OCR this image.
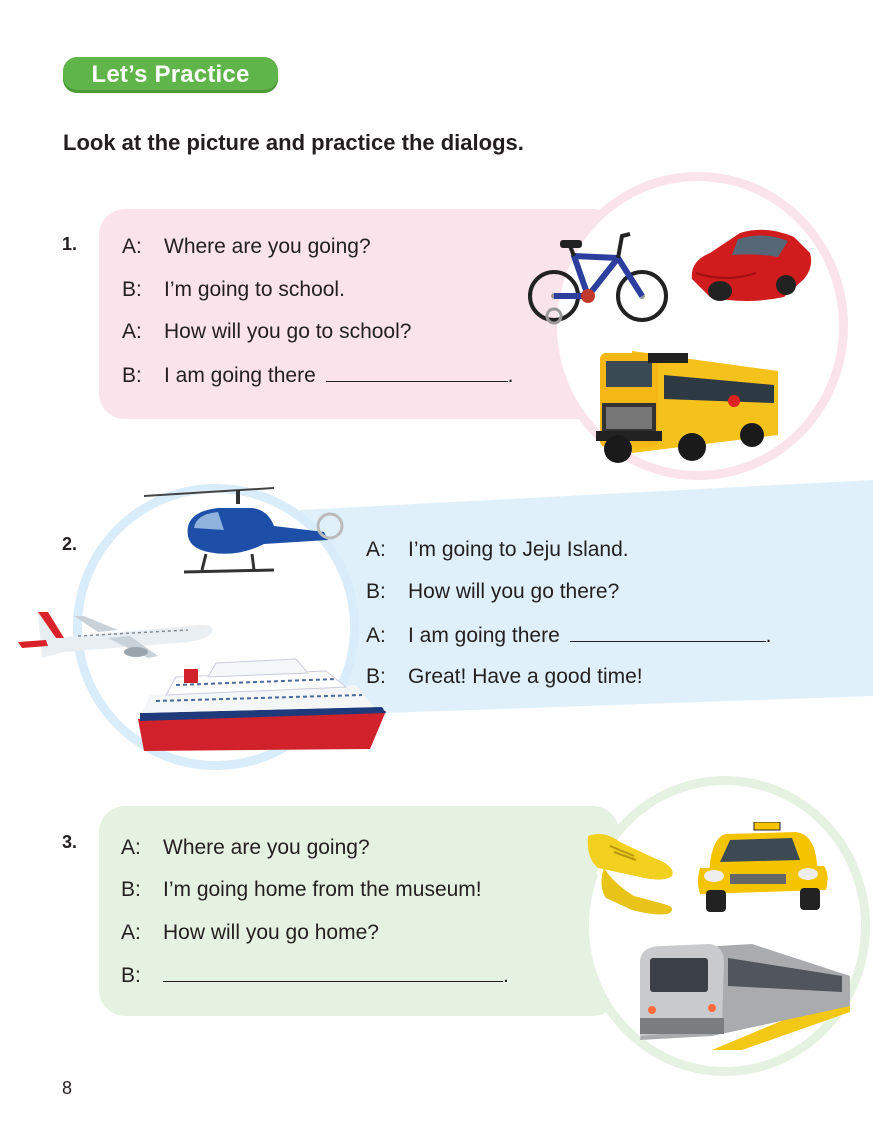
Let’s Practice
Look at the picture and practice the dialogs.
1. A: Where are you going?
B: I’m going to school.
A: How will you go to school?
B: I am going there	.
2.	A: I’m going to Jeju Island.
B: How will you go there?
A: I am going there	.
B: Great! Have a good time!
3. A: Where are you going?
B: I’m going home from the museum!
A: How will you go home?
B:	.
8
